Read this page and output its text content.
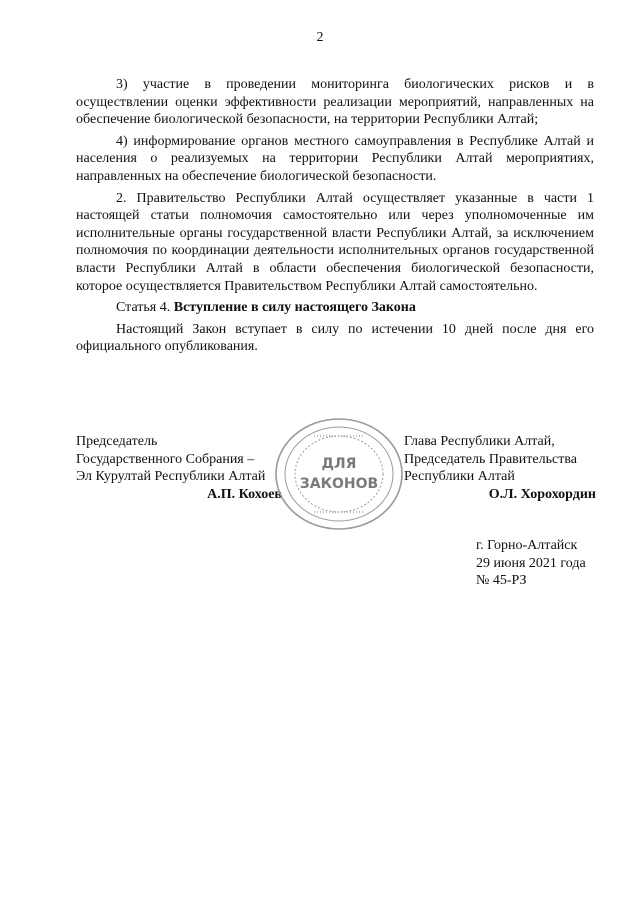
2

3) участие в проведении мониторинга биологических рисков и в осуществлении оценки эффективности реализации мероприятий, направленных на обеспечение биологической безопасности, на территории Республики Алтай;

4) информирование органов местного самоуправления в Республике Алтай и населения о реализуемых на территории Республики Алтай мероприятиях, направленных на обеспечение биологической безопасности.

2. Правительство Республики Алтай осуществляет указанные в части 1 настоящей статьи полномочия самостоятельно или через уполномоченные им исполнительные органы государственной власти Республики Алтай, за исключением полномочия по координации деятельности исполнительных органов государственной власти Республики Алтай в области обеспечения биологической безопасности, которое осуществляется Правительством Республики Алтай самостоятельно.

Статья 4. Вступление в силу настоящего Закона

Настоящий Закон вступает в силу по истечении 10 дней после дня его официального опубликования.

Председатель
Государственного Собрания –
Эл Курултай Республики Алтай
А.П. Кохоев
ДЛЯ
ЗАКОНОВ
Глава Республики Алтай,
Председатель Правительства
Республики Алтай
О.Л. Хорохордин
г. Горно-Алтайск
29 июня 2021 года
№ 45-РЗ
